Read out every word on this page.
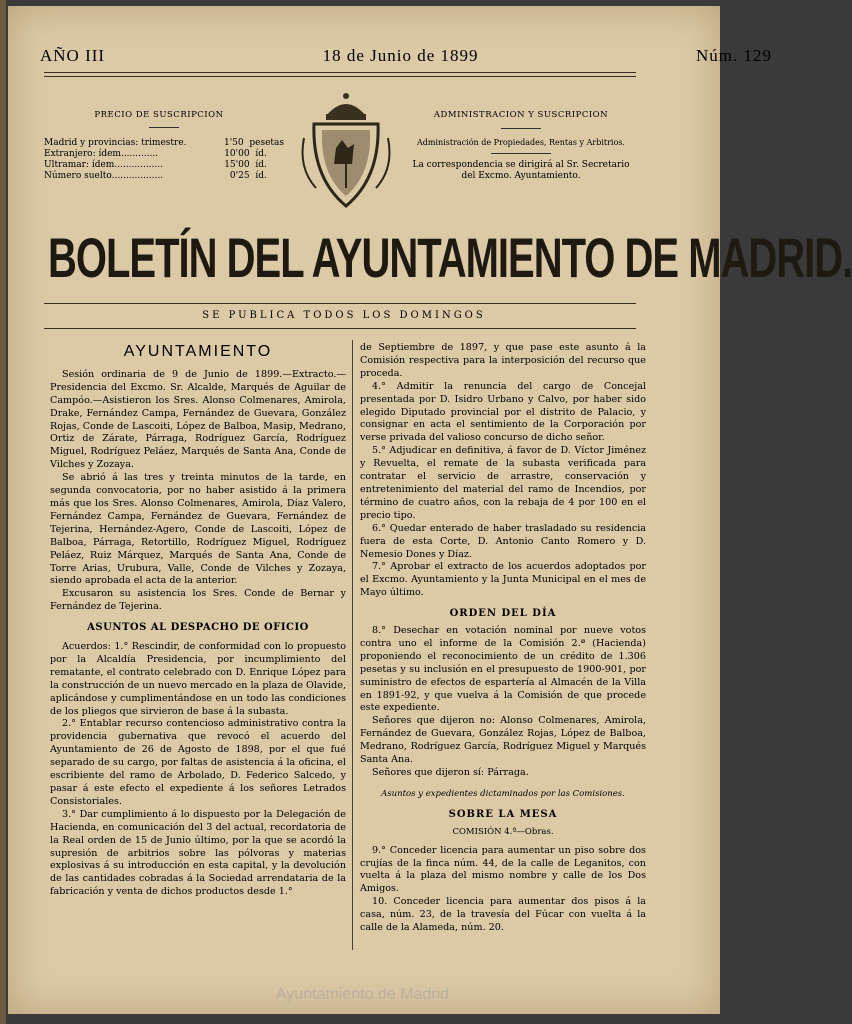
AÑO III	18 de Junio de 1899	Núm. 129
PRECIO DE SUSCRIPCION
Madrid y provincias: trimestre.	1'50 pesetas
Extranjero: ídem.............	10'00 íd.
Ultramar: ídem.................	15'00 íd.
Número suelto..................	0'25 íd.
ADMINISTRACION Y SUSCRIPCION
Administración de Propiedades, Rentas y Arbitrios.
La correspondencia se dirigirá al Sr. Secretario del Excmo. Ayuntamiento.
BOLETÍN DEL AYUNTAMIENTO DE MADRID.
SE PUBLICA TODOS LOS DOMINGOS
AYUNTAMIENTO

Sesión ordinaria de 9 de Junio de 1899.—Extracto.—Presidencia del Excmo. Sr. Alcalde, Marqués de Aguilar de Campóo.—Asistieron los Sres. Alonso Colmenares, Amirola, Drake, Fernández Campa, Fernández de Guevara, González Rojas, Conde de Lascoiti, López de Balboa, Masip, Medrano, Ortiz de Zárate, Párraga, Rodríguez García, Rodríguez Miguel, Rodríguez Peláez, Marqués de Santa Ana, Conde de Vilches y Zozaya.

Se abrió á las tres y treinta minutos de la tarde, en segunda convocatoria, por no haber asistido á la primera más que los Sres. Alonso Colmenares, Amirola, Díaz Valero, Fernández Campa, Fernández de Guevara, Fernández de Tejerina, Hernández-Agero, Conde de Lascoiti, López de Balboa, Párraga, Retortillo, Rodríguez Miguel, Rodríguez Peláez, Ruiz Márquez, Marqués de Santa Ana, Conde de Torre Arias, Urubura, Valle, Conde de Vilches y Zozaya, siendo aprobada el acta de la anterior.

Excusaron su asistencia los Sres. Conde de Bernar y Fernández de Tejerina.

ASUNTOS AL DESPACHO DE OFICIO

Acuerdos: 1.° Rescindir, de conformidad con lo propuesto por la Alcaldía Presidencia, por incumplimiento del rematante, el contrato celebrado con D. Enrique López para la construcción de un nuevo mercado en la plaza de Olavide, aplicándose y cumplimentándose en un todo las condiciones de los pliegos que sirvieron de base á la subasta.

2.° Entablar recurso contencioso administrativo contra la providencia gubernativa que revocó el acuerdo del Ayuntamiento de 26 de Agosto de 1898, por el que fué separado de su cargo, por faltas de asistencia á la oficina, el escribiente del ramo de Arbolado, D. Federico Salcedo, y pasar á este efecto el expediente á los señores Letrados Consistoriales.

3.° Dar cumplimiento á lo dispuesto por la Delegación de Hacienda, en comunicación del 3 del actual, recordatoria de la Real orden de 15 de Junio último, por la que se acordó la supresión de arbitrios sobre las pólvoras y materias explosivas á su introducción en esta capital, y la devolución de las cantidades cobradas á la Sociedad arrendataria de la fabricación y venta de dichos productos desde 1.°

de Septiembre de 1897, y que pase este asunto á la Comisión respectiva para la interposición del recurso que proceda.

4.° Admitir la renuncia del cargo de Concejal presentada por D. Isidro Urbano y Calvo, por haber sido elegido Diputado provincial por el distrito de Palacio, y consignar en acta el sentimiento de la Corporación por verse privada del valioso concurso de dicho señor.

5.° Adjudicar en definitiva, á favor de D. Víctor Jiménez y Revuelta, el remate de la subasta verificada para contratar el servicio de arrastre, conservación y entretenimiento del material del ramo de Incendios, por término de cuatro años, con la rebaja de 4 por 100 en el precio tipo.

6.° Quedar enterado de haber trasladado su residencia fuera de esta Corte, D. Antonio Canto Romero y D. Nemesio Dones y Díaz.

7.° Aprobar el extracto de los acuerdos adoptados por el Excmo. Ayuntamiento y la Junta Municipal en el mes de Mayo último.

ORDEN DEL DÍA

8.° Desechar en votación nominal por nueve votos contra uno el informe de la Comisión 2.ª (Hacienda) proponiendo el reconocimiento de un crédito de 1.306 pesetas y su inclusión en el presupuesto de 1900-901, por suministro de efectos de espartería al Almacén de la Villa en 1891-92, y que vuelva á la Comisión de que procede este expediente.

Señores que dijeron no: Alonso Colmenares, Amirola, Fernández de Guevara, González Rojas, López de Balboa, Medrano, Rodríguez García, Rodríguez Miguel y Marqués Santa Ana.

Señores que dijeron sí: Párraga.

Asuntos y expedientes dictaminados por las Comisiones.
SOBRE LA MESA
COMISIÓN 4.ª—Obras.

9.° Conceder licencia para aumentar un piso sobre dos crujías de la finca núm. 44, de la calle de Leganitos, con vuelta á la plaza del mismo nombre y calle de los Dos Amigos.

10. Conceder licencia para aumentar dos pisos á la casa, núm. 23, de la travesía del Fúcar con vuelta á la calle de la Alameda, núm. 20.

Ayuntamiento de Madrid
